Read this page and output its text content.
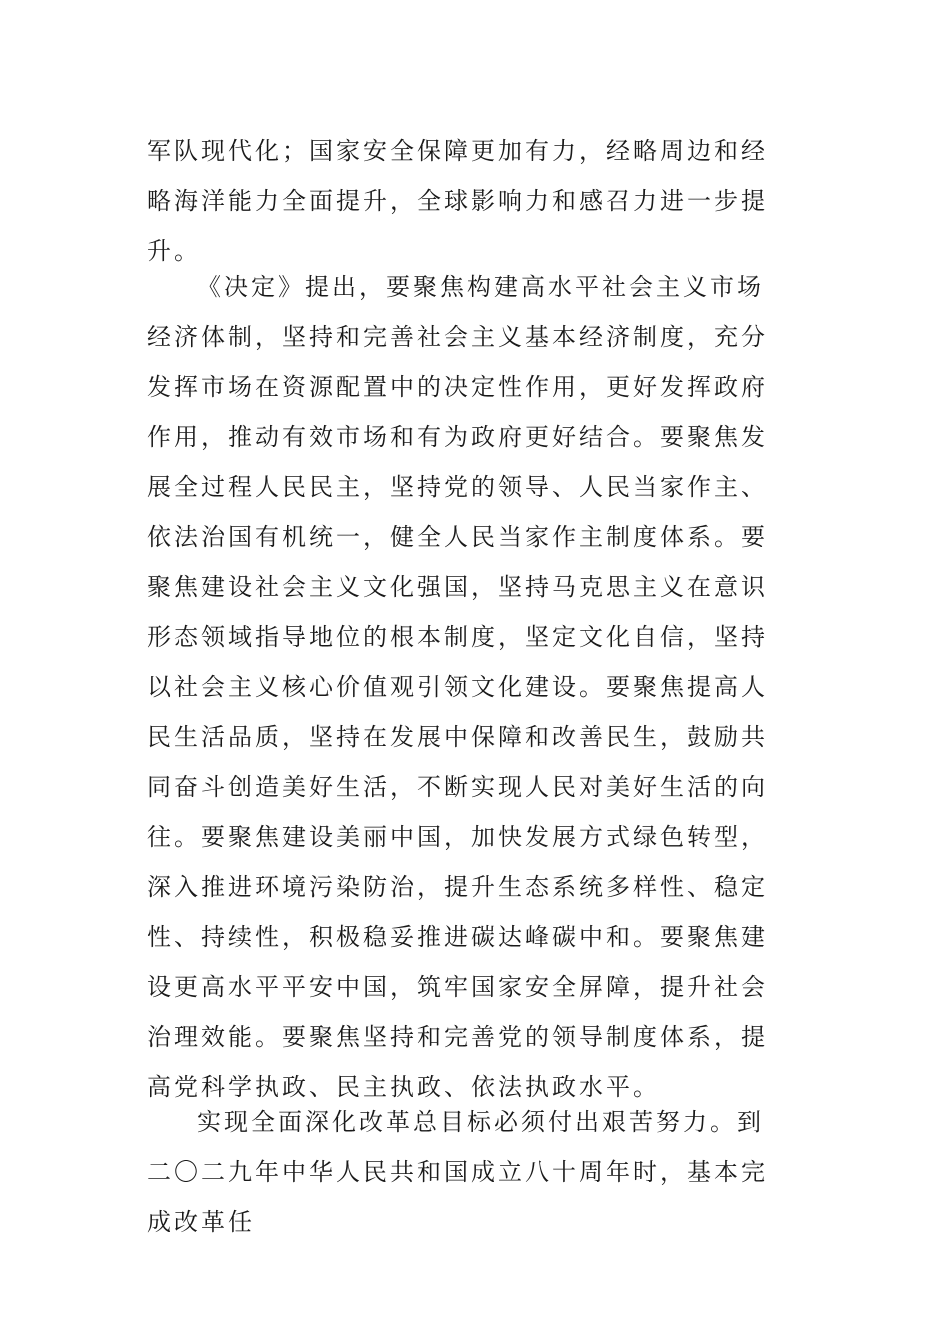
军队现代化；国家安全保障更加有力，经略周边和经略海洋能力全面提升，全球影响力和感召力进一步提升。

《决定》提出，要聚焦构建高水平社会主义市场经济体制，坚持和完善社会主义基本经济制度，充分发挥市场在资源配置中的决定性作用，更好发挥政府作用，推动有效市场和有为政府更好结合。要聚焦发展全过程人民民主，坚持党的领导、人民当家作主、依法治国有机统一，健全人民当家作主制度体系。要聚焦建设社会主义文化强国，坚持马克思主义在意识形态领域指导地位的根本制度，坚定文化自信，坚持以社会主义核心价值观引领文化建设。要聚焦提高人民生活品质，坚持在发展中保障和改善民生，鼓励共同奋斗创造美好生活，不断实现人民对美好生活的向往。要聚焦建设美丽中国，加快发展方式绿色转型，深入推进环境污染防治，提升生态系统多样性、稳定性、持续性，积极稳妥推进碳达峰碳中和。要聚焦建设更高水平平安中国，筑牢国家安全屏障，提升社会治理效能。要聚焦坚持和完善党的领导制度体系，提高党科学执政、民主执政、依法执政水平。

实现全面深化改革总目标必须付出艰苦努力。到二〇二九年中华人民共和国成立八十周年时，基本完成改革任
